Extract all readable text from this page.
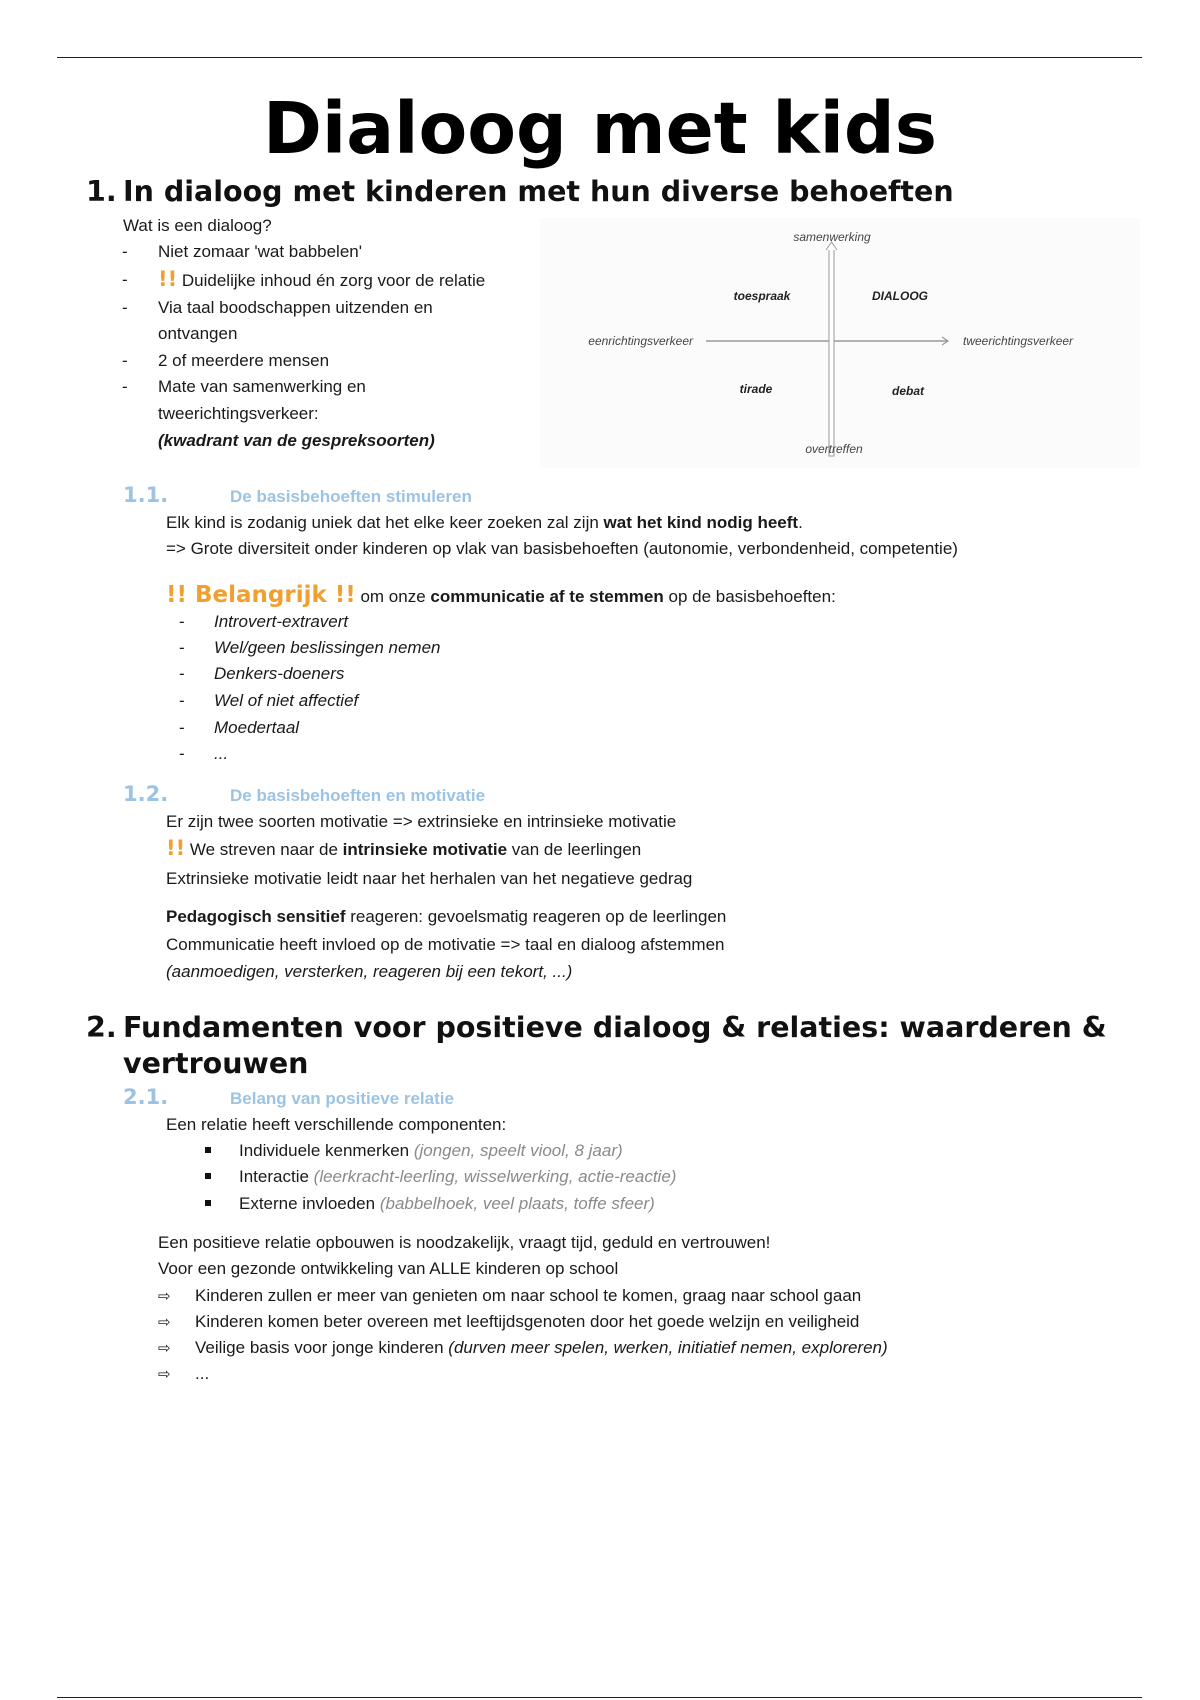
Dialoog met kids
1. In dialoog met kinderen met hun diverse behoeften
Wat is een dialoog?
- Niet zomaar 'wat babbelen'
- !! Duidelijke inhoud én zorg voor de relatie
- Via taal boodschappen uitzenden en
ontvangen
- 2 of meerdere mensen
- Mate van samenwerking en
tweerichtingsverkeer:
(kwadrant van de gespreksoorten)
samenwerking
overtreffen
eenrichtingsverkeer	tweerichtingsverkeer
toespraak	DIALOOG
tirade	debat
1.1.	De basisbehoeften stimuleren
Elk kind is zodanig uniek dat het elke keer zoeken zal zijn wat het kind nodig heeft.
=> Grote diversiteit onder kinderen op vlak van basisbehoeften (autonomie, verbondenheid, competentie)
!! Belangrijk !! om onze communicatie af te stemmen op de basisbehoeften:
- Introvert-extravert
- Wel/geen beslissingen nemen
- Denkers-doeners
- Wel of niet affectief
- Moedertaal
- ...
1.2.	De basisbehoeften en motivatie
Er zijn twee soorten motivatie => extrinsieke en intrinsieke motivatie
!! We streven naar de intrinsieke motivatie van de leerlingen
Extrinsieke motivatie leidt naar het herhalen van het negatieve gedrag
Pedagogisch sensitief reageren: gevoelsmatig reageren op de leerlingen
Communicatie heeft invloed op de motivatie => taal en dialoog afstemmen
(aanmoedigen, versterken, reageren bij een tekort, ...)
2. Fundamenten voor positieve dialoog & relaties: waarderen &
vertrouwen
2.1.	Belang van positieve relatie
Een relatie heeft verschillende componenten:
Individuele kenmerken (jongen, speelt viool, 8 jaar)
Interactie (leerkracht-leerling, wisselwerking, actie-reactie)
Externe invloeden (babbelhoek, veel plaats, toffe sfeer)
Een positieve relatie opbouwen is noodzakelijk, vraagt tijd, geduld en vertrouwen!
Voor een gezonde ontwikkeling van ALLE kinderen op school
⇨ Kinderen zullen er meer van genieten om naar school te komen, graag naar school gaan
⇨ Kinderen komen beter overeen met leeftijdsgenoten door het goede welzijn en veiligheid
⇨ Veilige basis voor jonge kinderen (durven meer spelen, werken, initiatief nemen, exploreren)
⇨ ...
